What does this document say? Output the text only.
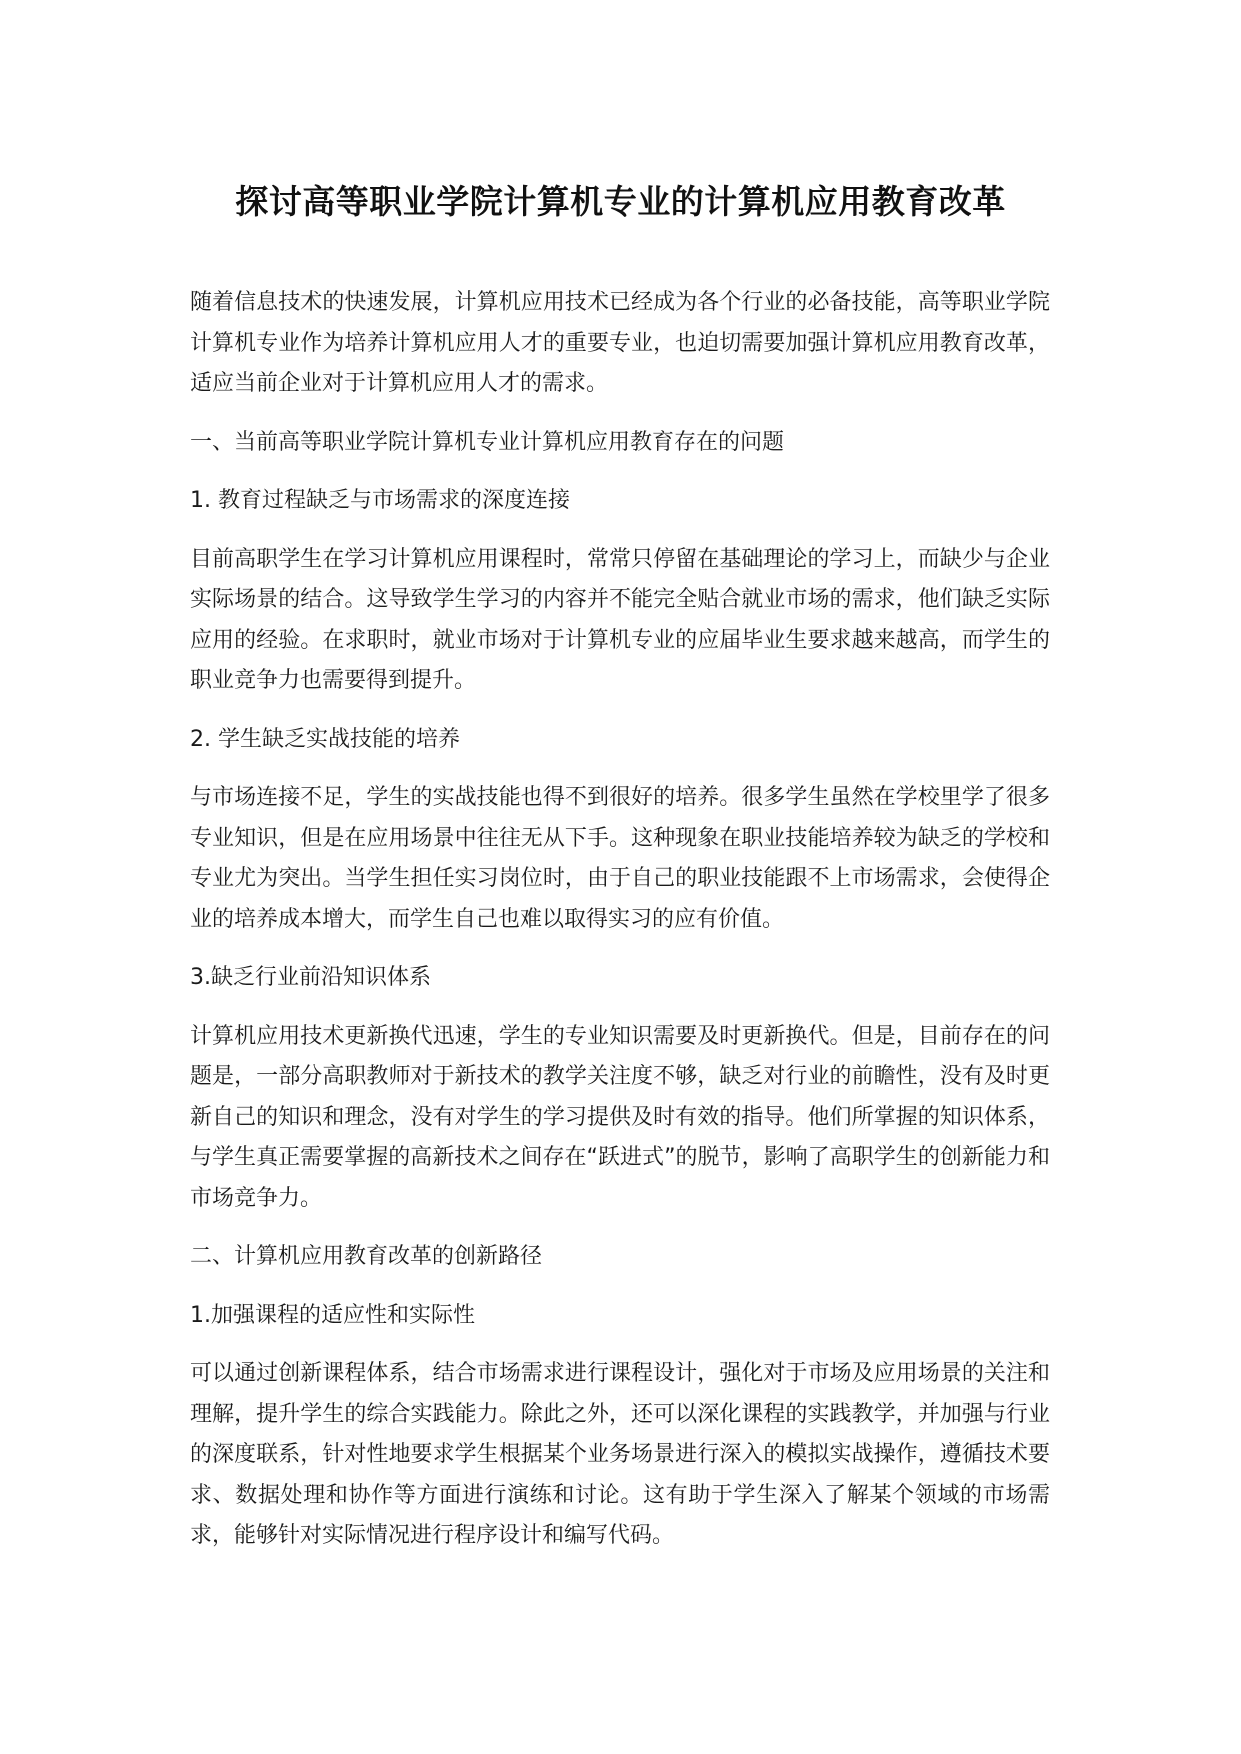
探讨高等职业学院计算机专业的计算机应用教育改革

随着信息技术的快速发展，计算机应用技术已经成为各个行业的必备技能，高等职业学院计算机专业作为培养计算机应用人才的重要专业，也迫切需要加强计算机应用教育改革，适应当前企业对于计算机应用人才的需求。

一、当前高等职业学院计算机专业计算机应用教育存在的问题

1. 教育过程缺乏与市场需求的深度连接

目前高职学生在学习计算机应用课程时，常常只停留在基础理论的学习上，而缺少与企业实际场景的结合。这导致学生学习的内容并不能完全贴合就业市场的需求，他们缺乏实际应用的经验。在求职时，就业市场对于计算机专业的应届毕业生要求越来越高，而学生的职业竞争力也需要得到提升。

2. 学生缺乏实战技能的培养

与市场连接不足，学生的实战技能也得不到很好的培养。很多学生虽然在学校里学了很多专业知识，但是在应用场景中往往无从下手。这种现象在职业技能培养较为缺乏的学校和专业尤为突出。当学生担任实习岗位时，由于自己的职业技能跟不上市场需求，会使得企业的培养成本增大，而学生自己也难以取得实习的应有价值。

3.缺乏行业前沿知识体系

计算机应用技术更新换代迅速，学生的专业知识需要及时更新换代。但是，目前存在的问题是，一部分高职教师对于新技术的教学关注度不够，缺乏对行业的前瞻性，没有及时更新自己的知识和理念，没有对学生的学习提供及时有效的指导。他们所掌握的知识体系，与学生真正需要掌握的高新技术之间存在“跃进式”的脱节，影响了高职学生的创新能力和市场竞争力。

二、计算机应用教育改革的创新路径

1.加强课程的适应性和实际性

可以通过创新课程体系，结合市场需求进行课程设计，强化对于市场及应用场景的关注和理解，提升学生的综合实践能力。除此之外，还可以深化课程的实践教学，并加强与行业的深度联系，针对性地要求学生根据某个业务场景进行深入的模拟实战操作，遵循技术要求、数据处理和协作等方面进行演练和讨论。这有助于学生深入了解某个领域的市场需求，能够针对实际情况进行程序设计和编写代码。
